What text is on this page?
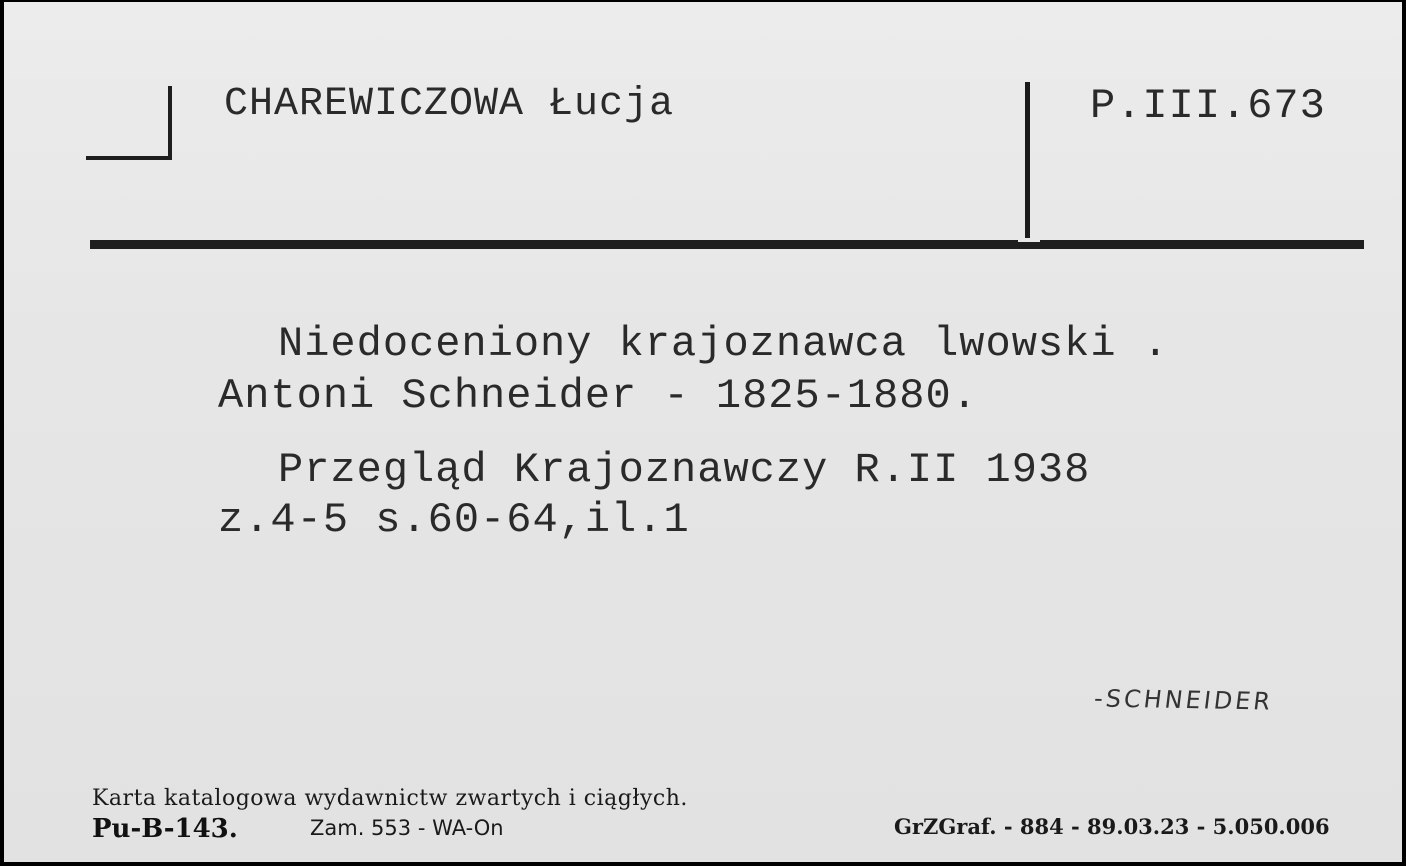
CHAREWICZOWA Łucja	P.III.673
Niedoceniony krajoznawca lwowski .
Antoni Schneider - 1825-1880.
Przegląd Krajoznawczy R.II 1938
z.4-5 s.60-64,il.1
-SCHNEIDER
Karta katalogowa wydawnictw zwartych i ciągłych.
Pu-B-143.	Zam. 553 - WA-On	GrZGraf. - 884 - 89.03.23 - 5.050.006
